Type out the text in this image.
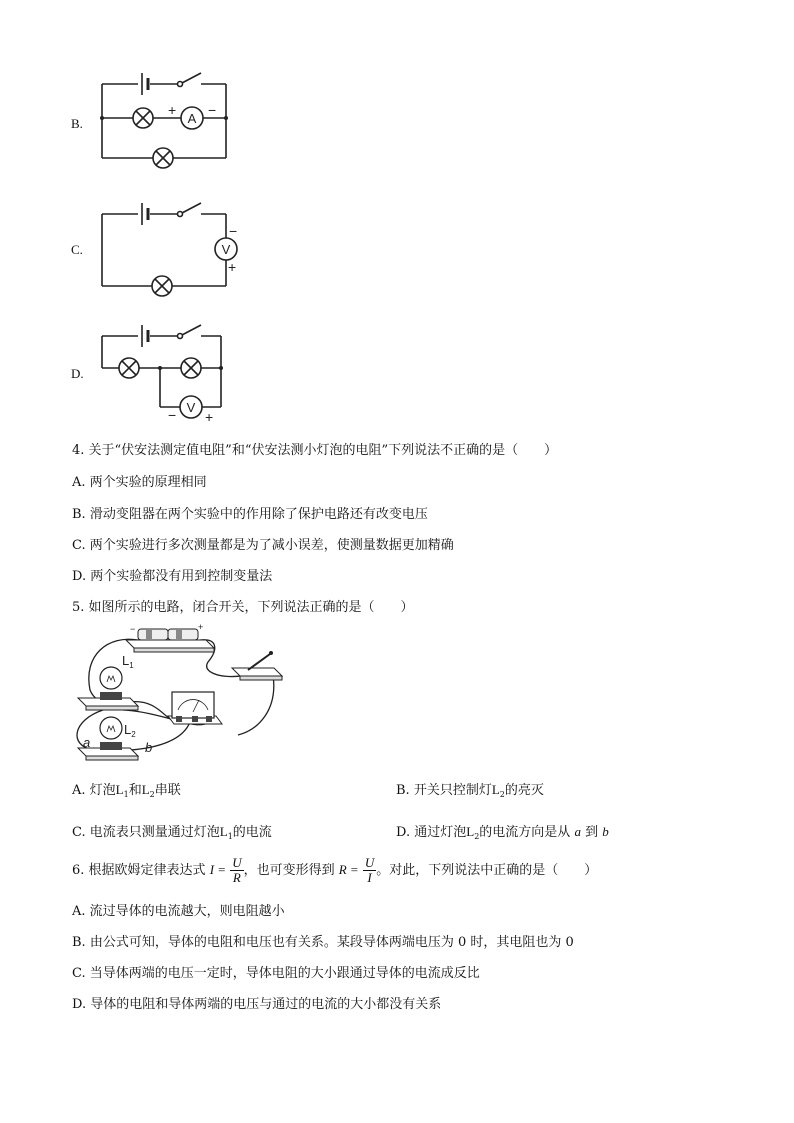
B.	A
+ −
C.	V
−
+
D.
V
− +
4. 关于“伏安法测定值电阻”和“伏安法测小灯泡的电阻”下列说法不正确的是（　　）
A. 两个实验的原理相同
B. 滑动变阻器在两个实验中的作用除了保护电路还有改变电压
C. 两个实验进行多次测量都是为了减小误差，使测量数据更加精确
D. 两个实验都没有用到控制变量法
5. 如图所示的电路，闭合开关，下列说法正确的是（　　）
−	+
$L_1$
$L_2$
a	b
A. 灯泡$L_1$和$L_2$串联	B. 开关只控制灯$L_2$的亮灭
C. 电流表只测量通过灯泡$L_1$的电流	D. 通过灯泡$L_2$的电流方向是从 a 到 b
6. 根据欧姆定律表达式 $I = \frac{U}{R}$ ，也可变形得到 $R = \frac{U}{I}$ 。对此，下列说法中正确的是（　　）
A. 流过导体的电流越大，则电阻越小
B. 由公式可知，导体的电阻和电压也有关系。某段导体两端电压为 0 时，其电阻也为 0
C. 当导体两端的电压一定时，导体电阻的大小跟通过导体的电流成反比
D. 导体的电阻和导体两端的电压与通过的电流的大小都没有关系
